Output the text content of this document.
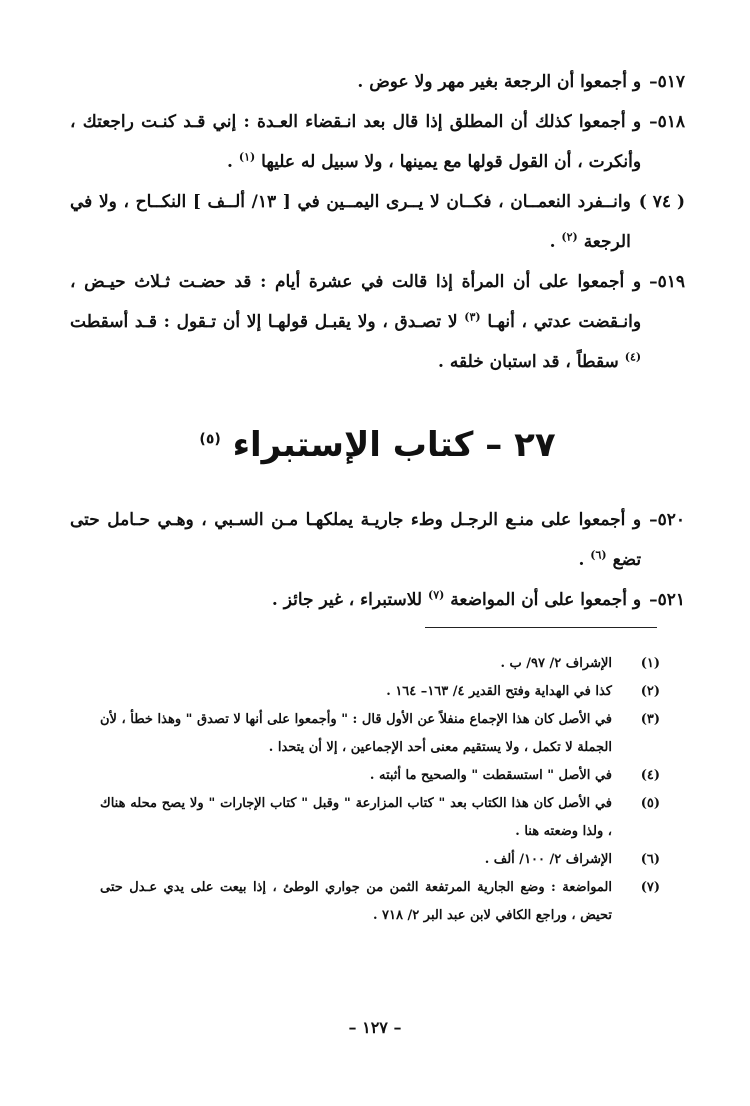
٥١٧–
و أجمعوا أن الرجعة بغير مهر ولا عوض .
٥١٨–
و أجمعوا كذلك أن المطلق إذا قال بعد انـقضاء العـدة : إني قـد كنـت راجعتك ، وأنكرت ، أن القول قولها مع يمينها ، ولا سبيل له عليها $^{(١)}$ .
( ٧٤ )
وانــفرد النعمــان ، فكــان لا يــرى اليمــين في [ ١٣/ ألــف ] النكــاح ، ولا في الرجعة $^{(٢)}$ .
٥١٩–
و أجمعوا على أن المرأة إذا قالت في عشرة أيام : قد حضـت ثـلاث حيـض ، وانـقضت عدتي ، أنهـا $^{(٣)}$ لا تصـدق ، ولا يقبـل قولهـا إلا أن تـقول : قـد أسقطت $^{(٤)}$ سقطاً ، قد استبان خلقه .
٢٧ – كتاب الإستبراء $^{(٥)}$
٥٢٠–
و أجمعوا على منـع الرجـل وطء جاريـة يملكهـا مـن السـبي ، وهـي حـامل حتى تضع $^{(٦)}$ .
٥٢١–
و أجمعوا على أن المواضعة $^{(٧)}$ للاستبراء ، غير جائز .
(١)
الإشراف ٢/ ٩٧/ ب .
(٢)
كذا في الهداية وفتح القدير ٤/ ١٦٣– ١٦٤ .
(٣)
في الأصل كان هذا الإجماع منفلاً عن الأول قال : " وأجمعوا على أنها لا تصدق " وهذا خطأ ، لأن الجملة لا تكمل ، ولا يستقيم معنى أحد الإجماعين ، إلا أن يتحدا .
(٤)
في الأصل " استسقطت " والصحيح ما أثبته .
(٥)
في الأصل كان هذا الكتاب بعد " كتاب المزارعة " وقبل " كتاب الإجارات " ولا يصح محله هناك ، ولذا وضعته هنا .
(٦)
الإشراف ٢/ ١٠٠/ ألف .
(٧)
المواضعة : وضع الجارية المرتفعة الثمن من جواري الوطئ ، إذا بيعت على يدي عـدل حتى تحيض ، وراجع الكافي لابن عبد البر ٢/ ٧١٨ .
– ١٢٧ –
